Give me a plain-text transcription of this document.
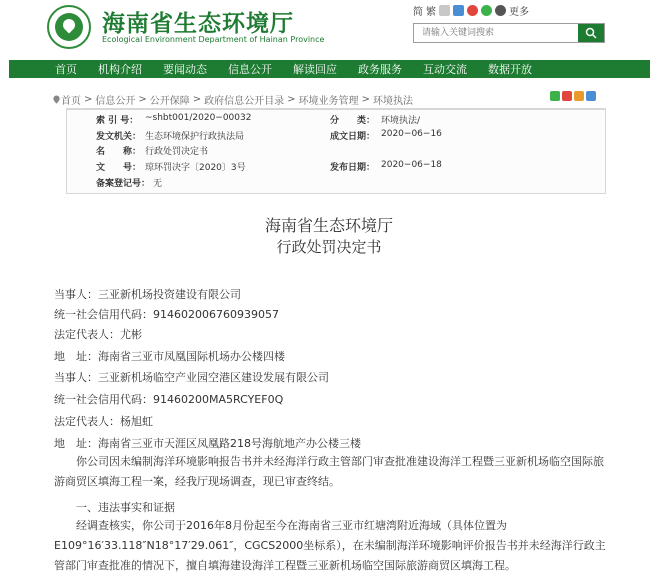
海南省生态环境厅
Ecological Environment Department of Hainan Province
简 繁	更多
请输入关键词搜索
首页 机构介绍 要闻动态 信息公开 解读回应 政务服务 互动交流 数据开放
首页 > 信息公开 > 公开保障 > 政府信息公开目录 > 环境业务管理 > 环境执法
索 引 号： ~shbt001/2020−00032	分　　类： 环境执法/
发文机关： 生态环境保护行政执法局	成文日期： 2020−06−16
名　　称： 行政处罚决定书
文　　号： 琼环罚决字〔2020〕3号	发布日期： 2020−06−18
备案登记号： 无
海南省生态环境厅
行政处罚决定书
当事人：三亚新机场投资建设有限公司
统一社会信用代码：914602006760939057
法定代表人：尤彬
地　址：海南省三亚市凤凰国际机场办公楼四楼
当事人：三亚新机场临空产业园空港区建设发展有限公司
统一社会信用代码：91460200MA5RCYEF0Q
法定代表人：杨旭虹
地　址：海南省三亚市天涯区凤凰路218号海航地产办公楼三楼
　　你公司因未编制海洋环境影响报告书并未经海洋行政主管部门审查批准建设海洋工程暨三亚新机场临空国际旅游商贸区填海工程一案，经我厅现场调查，现已审查终结。
　　一、违法事实和证据
　　经调查核实，你公司于2016年8月份起至今在海南省三亚市红塘湾附近海域（具体位置为E109°16′33.118″N18°17′29.061″，CGCS2000坐标系），在未编制海洋环境影响评价报告书并未经海洋行政主管部门审查批准的情况下，擅自填海建设海洋工程暨三亚新机场临空国际旅游商贸区填海工程。
